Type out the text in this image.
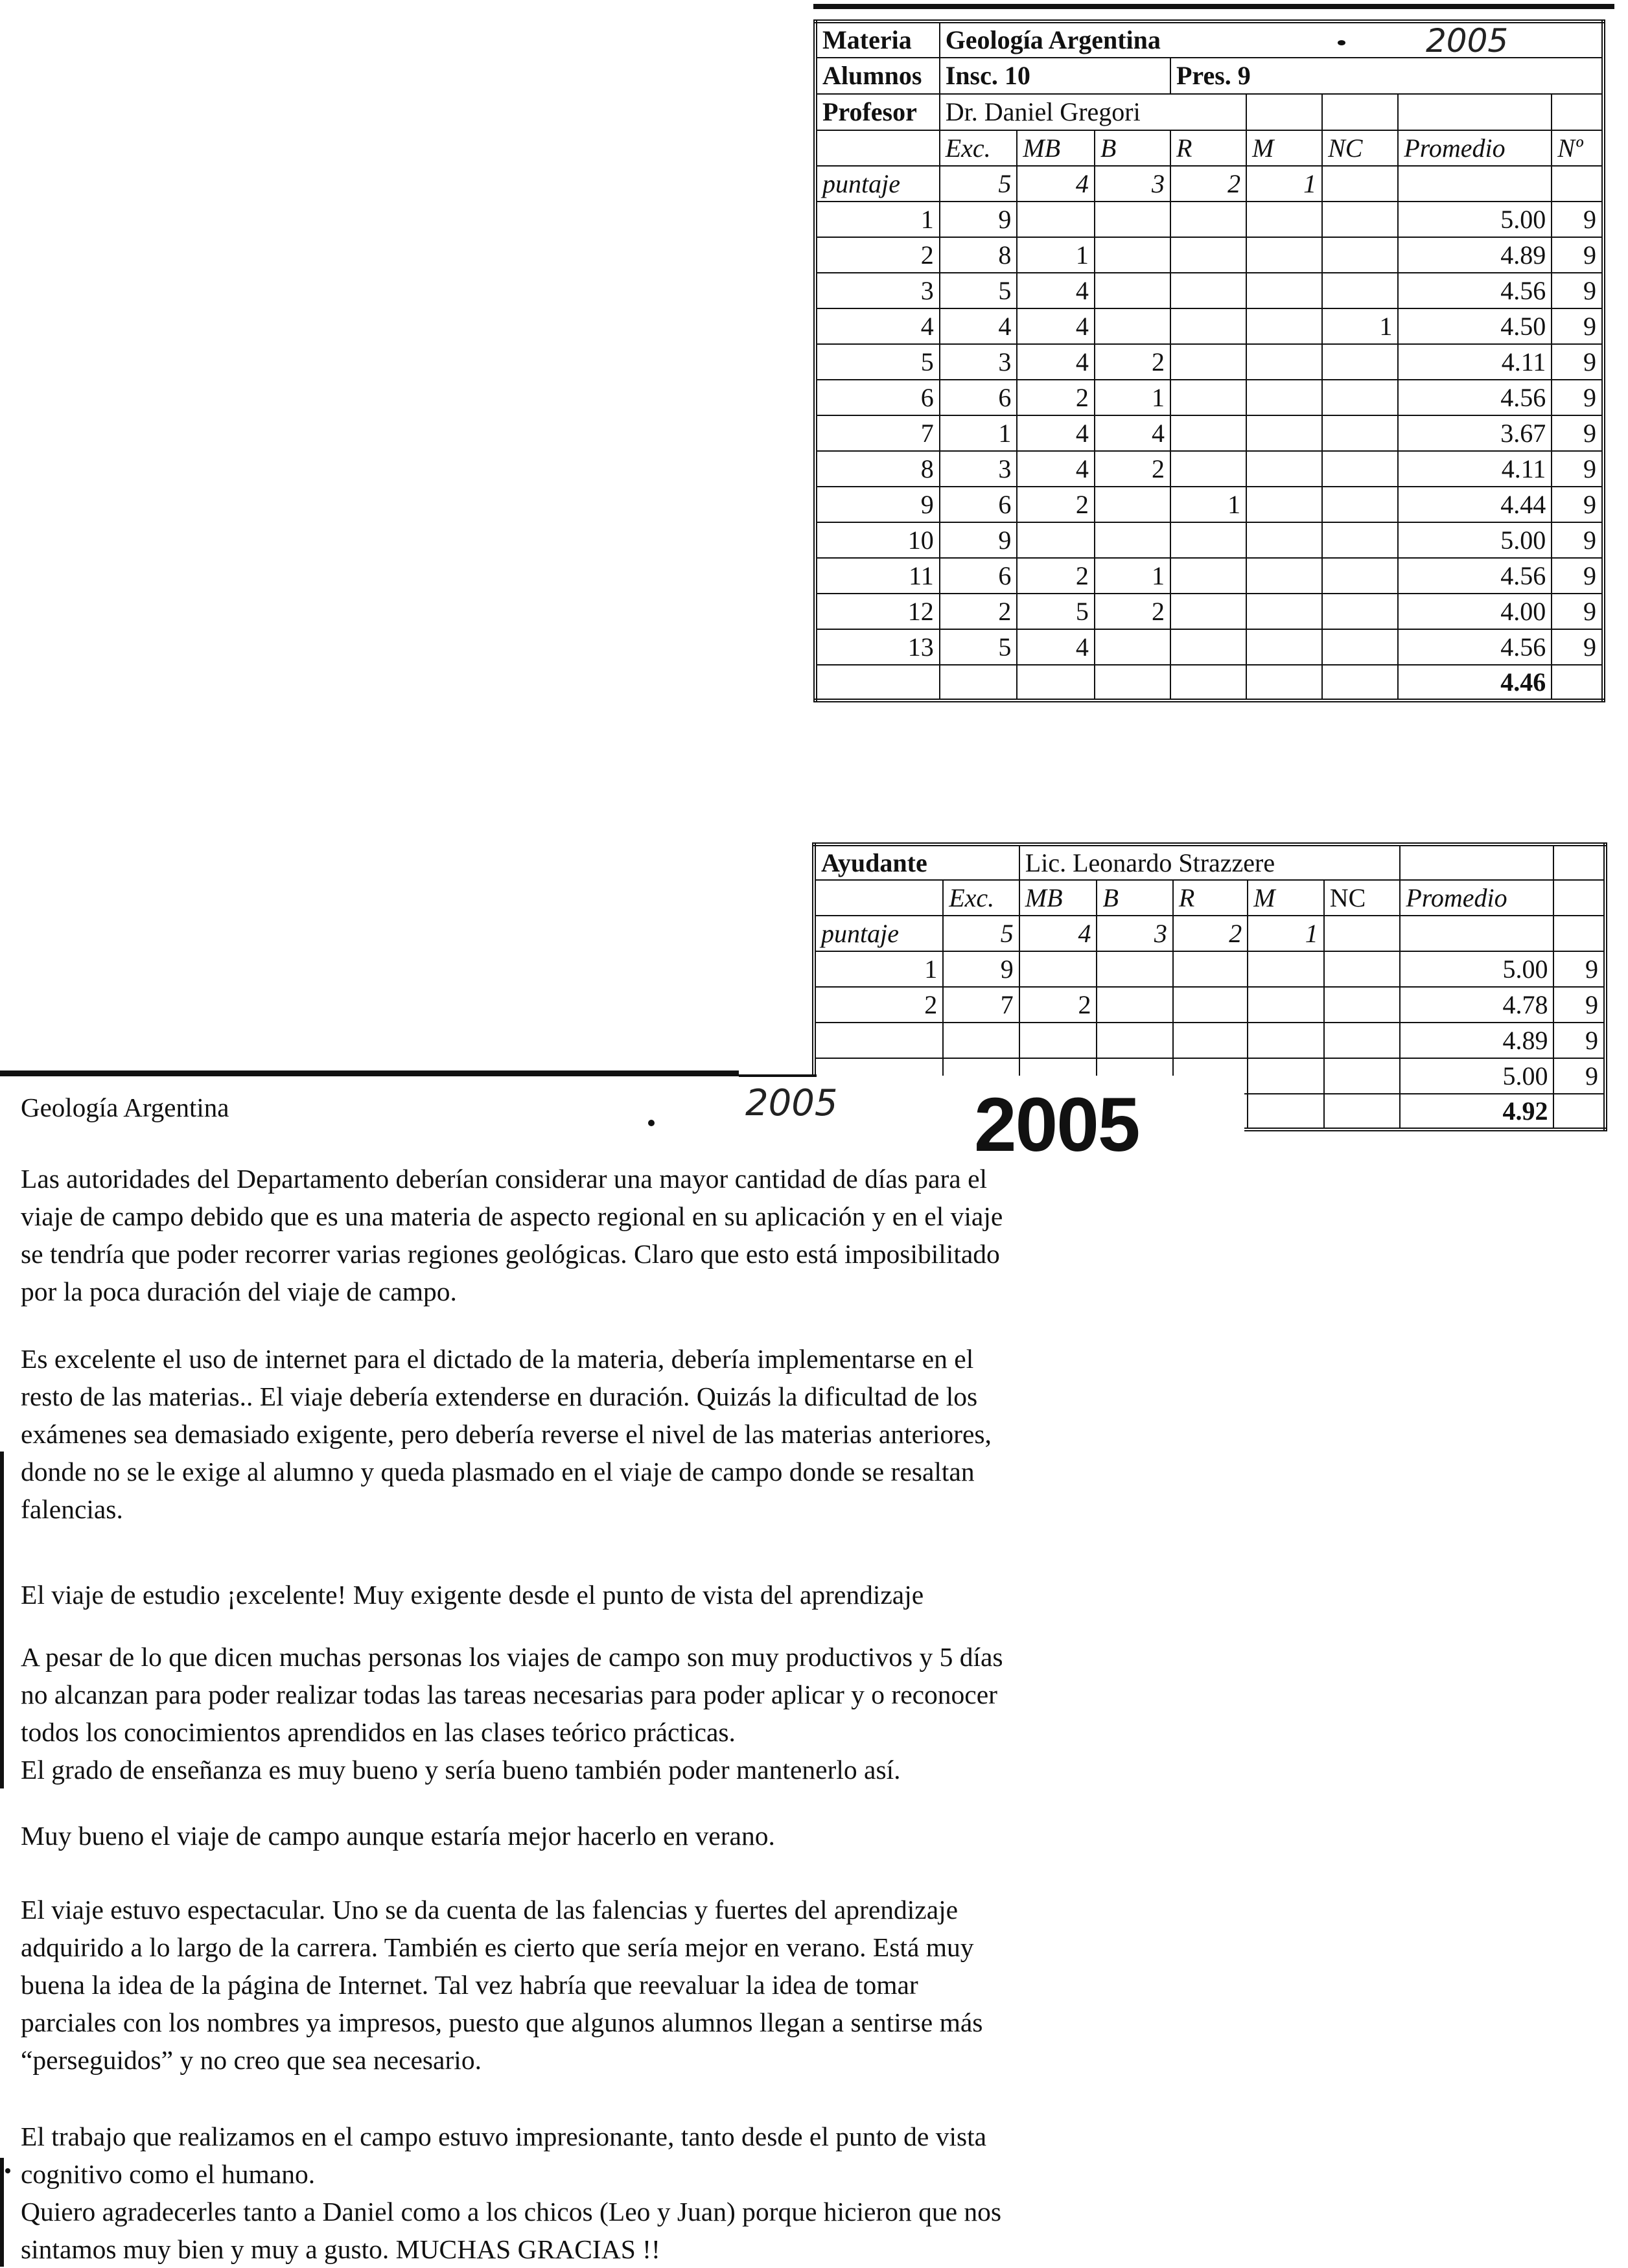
Materia	Geología Argentina							
Alumnos	Insc. 10			Pres. 9				
Profesor	Dr. Daniel Gregori							
	Exc.	MB	B	R	M	NC	Promedio	Nº
puntaje	5	4	3	2	1			
1	9						5.00	9
2	8	1					4.89	9
3	5	4					4.56	9
4	4	4				1	4.50	9
5	3	4	2				4.11	9
6	6	2	1				4.56	9
7	1	4	4				3.67	9
8	3	4	2				4.11	9
9	6	2		1			4.44	9
10	9						5.00	9
11	6	2	1				4.56	9
12	2	5	2				4.00	9
13	5	4					4.56	9
							4.46	
2005
Ayudante		Lic. Leonardo Strazzere						
	Exc.	MB	B	R	M	NC	Promedio	
puntaje	5	4	3	2	1			
1	9						5.00	9
2	7	2					4.78	9
							4.89	9
							5.00	9
							4.92	
Geología Argentina	2005 2005
Las autoridades del Departamento deberían considerar una mayor cantidad de días para el
viaje de campo debido que es una materia de aspecto regional en su aplicación y en el viaje
se tendría que poder recorrer varias regiones geológicas. Claro que esto está imposibilitado
por la poca duración del viaje de campo.
Es excelente el uso de internet para el dictado de la materia, debería implementarse en el
resto de las materias.. El viaje debería extenderse en duración. Quizás la dificultad de los
exámenes sea demasiado exigente, pero debería reverse el nivel de las materias anteriores,
donde no se le exige al alumno y queda plasmado en el viaje de campo donde se resaltan
falencias.
El viaje de estudio ¡excelente! Muy exigente desde el punto de vista del aprendizaje
A pesar de lo que dicen muchas personas los viajes de campo son muy productivos y 5 días
no alcanzan para poder realizar todas las tareas necesarias para poder aplicar y o reconocer
todos los conocimientos aprendidos en las clases teórico prácticas.
El grado de enseñanza es muy bueno y sería bueno también poder mantenerlo así.
Muy bueno el viaje de campo aunque estaría mejor hacerlo en verano.
El viaje estuvo espectacular. Uno se da cuenta de las falencias y fuertes del aprendizaje
adquirido a lo largo de la carrera. También es cierto que sería mejor en verano. Está muy
buena la idea de la página de Internet. Tal vez habría que reevaluar la idea de tomar
parciales con los nombres ya impresos, puesto que algunos alumnos llegan a sentirse más
“perseguidos” y no creo que sea necesario.
El trabajo que realizamos en el campo estuvo impresionante, tanto desde el punto de vista
cognitivo como el humano.
Quiero agradecerles tanto a Daniel como a los chicos (Leo y Juan) porque hicieron que nos
sintamos muy bien y muy a gusto. MUCHAS GRACIAS !!
